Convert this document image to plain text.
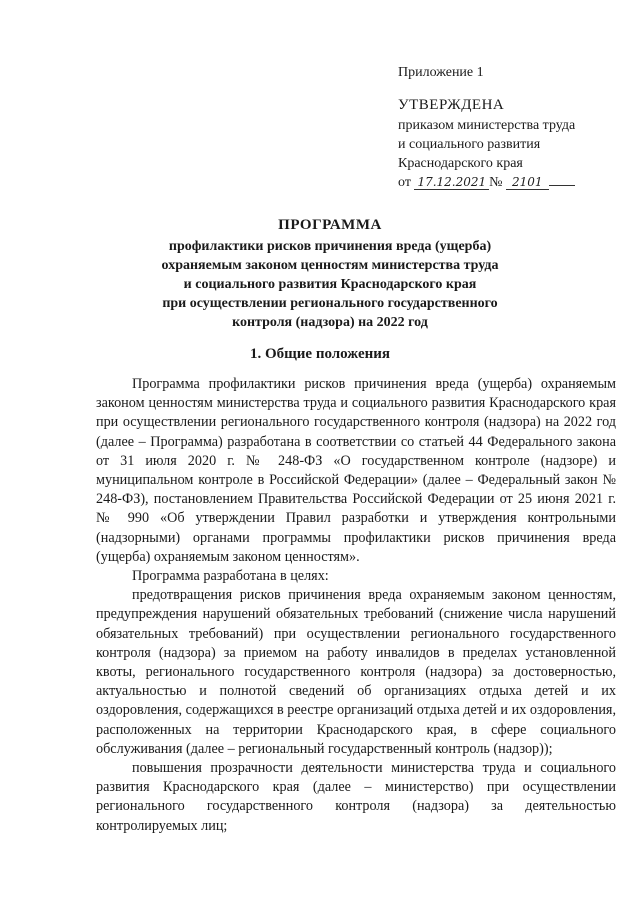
Приложение 1
УТВЕРЖДЕНА
приказом министерства труда
и социального развития
Краснодарского края
от 17.12.2021 № 2101
ПРОГРАММА
профилактики рисков причинения вреда (ущерба)
охраняемым законом ценностям министерства труда
и социального развития Краснодарского края
при осуществлении регионального государственного
контроля (надзора) на 2022 год
1. Общие положения

Программа профилактики рисков причинения вреда (ущерба) охраняемым законом ценностям министерства труда и социального развития Краснодарского края при осуществлении регионального государственного контроля (надзора) на 2022 год (далее – Программа) разработана в соответствии со статьей 44 Федерального закона от 31 июля 2020 г. № 248-ФЗ «О государственном контроле (надзоре) и муниципальном контроле в Российской Федерации» (далее – Федеральный закон № 248-ФЗ), постановлением Правительства Российской Федерации от 25 июня 2021 г. № 990 «Об утверждении Правил разработки и утверждения контрольными (надзорными) органами программы профилактики рисков причинения вреда (ущерба) охраняемым законом ценностям».

Программа разработана в целях:

предотвращения рисков причинения вреда охраняемым законом ценностям, предупреждения нарушений обязательных требований (снижение числа нарушений обязательных требований) при осуществлении регионального государственного контроля (надзора) за приемом на работу инвалидов в пределах установленной квоты, регионального государственного контроля (надзора) за достоверностью, актуальностью и полнотой сведений об организациях отдыха детей и их оздоровления, содержащихся в реестре организаций отдыха детей и их оздоровления, расположенных на территории Краснодарского края, в сфере социального обслуживания (далее – региональный государственный контроль (надзор));

повышения прозрачности деятельности министерства труда и социального развития Краснодарского края (далее – министерство) при осуществлении регионального государственного контроля (надзора) за деятельностью контролируемых лиц;
